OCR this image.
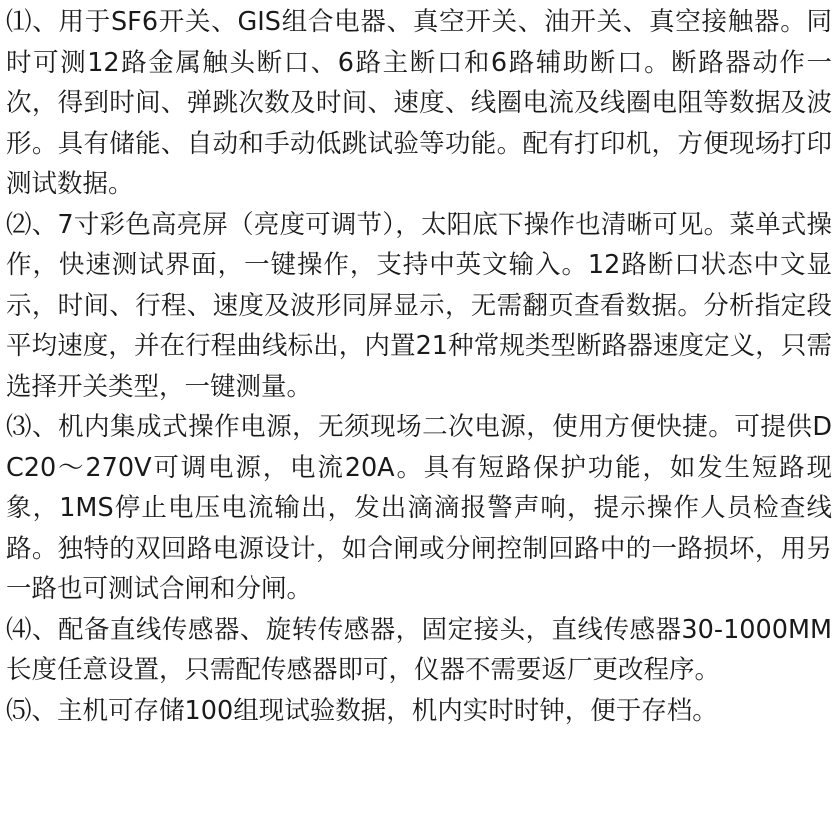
⑴、用于SF6开关、GIS组合电器、真空开关、油开关、真空接触器。同时可测12路金属触头断口、6路主断口和6路辅助断口。断路器动作一次，得到时间、弹跳次数及时间、速度、线圈电流及线圈电阻等数据及波形。具有储能、自动和手动低跳试验等功能。配有打印机，方便现场打印测试数据。

⑵、7寸彩色高亮屏（亮度可调节），太阳底下操作也清晰可见。菜单式操作，快速测试界面，一键操作，支持中英文输入。12路断口状态中文显示，时间、行程、速度及波形同屏显示，无需翻页查看数据。分析指定段平均速度，并在行程曲线标出，内置21种常规类型断路器速度定义，只需选择开关类型，一键测量。

⑶、机内集成式操作电源，无须现场二次电源，使用方便快捷。可提供DC20～270V可调电源，电流20A。具有短路保护功能，如发生短路现象，1MS停止电压电流输出，发出滴滴报警声响，提示操作人员检查线路。独特的双回路电源设计，如合闸或分闸控制回路中的一路损坏，用另一路也可测试合闸和分闸。

⑷、配备直线传感器、旋转传感器，固定接头，直线传感器30-1000MM长度任意设置，只需配传感器即可，仪器不需要返厂更改程序。

⑸、主机可存储100组现试验数据，机内实时时钟，便于存档。
